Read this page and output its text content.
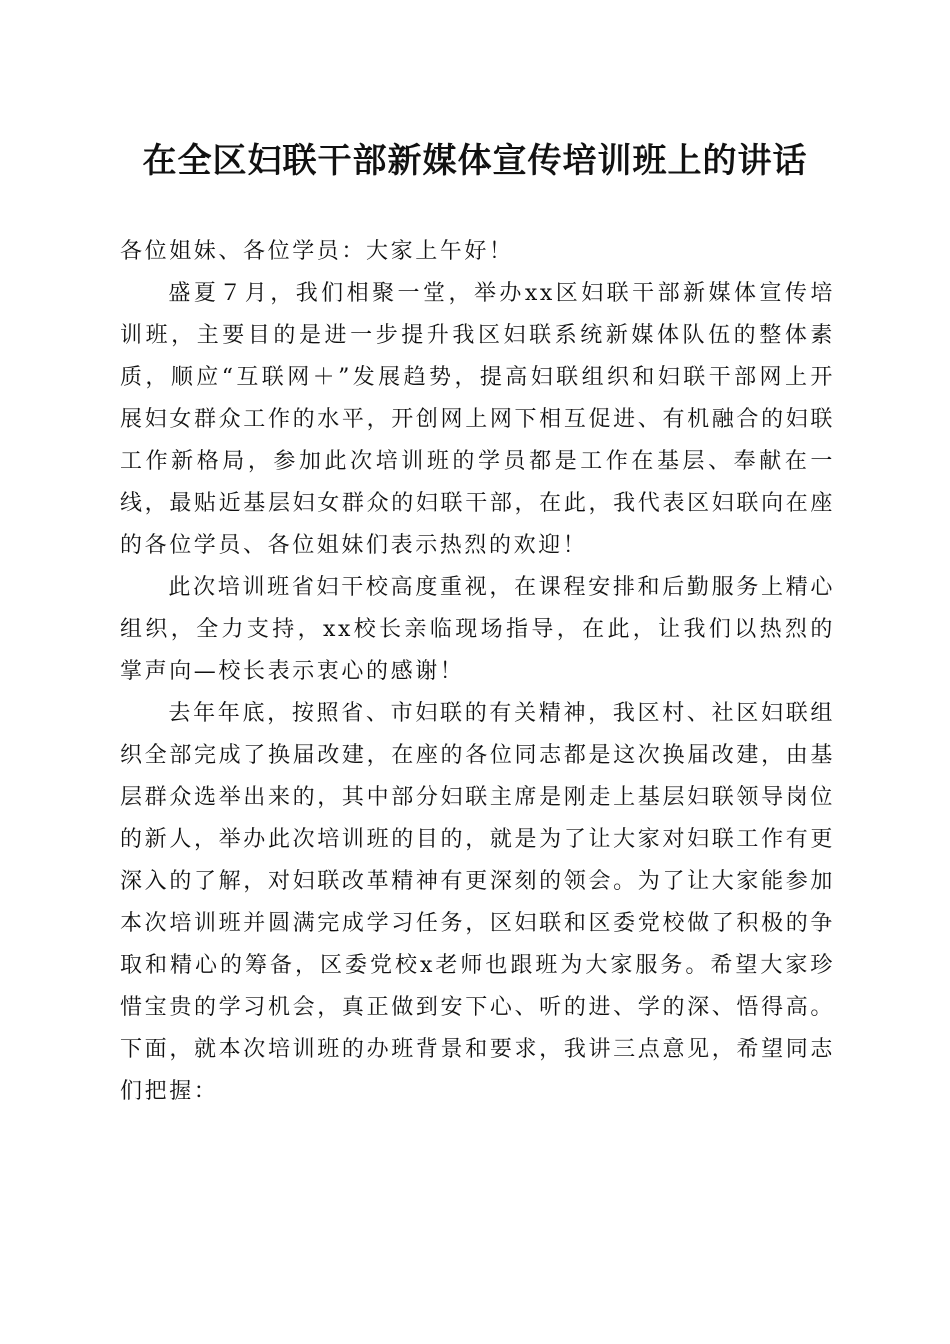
在全区妇联干部新媒体宣传培训班上的讲话

各位姐妹、各位学员：大家上午好！

盛夏７月，我们相聚一堂，举办xx区妇联干部新媒体宣传培训班，主要目的是进一步提升我区妇联系统新媒体队伍的整体素质，顺应“互联网＋”发展趋势，提高妇联组织和妇联干部网上开展妇女群众工作的水平，开创网上网下相互促进、有机融合的妇联工作新格局，参加此次培训班的学员都是工作在基层、奉献在一线，最贴近基层妇女群众的妇联干部，在此，我代表区妇联向在座的各位学员、各位姐妹们表示热烈的欢迎！

此次培训班省妇干校高度重视，在课程安排和后勤服务上精心组织，全力支持，xx校长亲临现场指导，在此，让我们以热烈的掌声向—校长表示衷心的感谢！

去年年底，按照省、市妇联的有关精神，我区村、社区妇联组织全部完成了换届改建，在座的各位同志都是这次换届改建，由基层群众选举出来的，其中部分妇联主席是刚走上基层妇联领导岗位的新人，举办此次培训班的目的，就是为了让大家对妇联工作有更深入的了解，对妇联改革精神有更深刻的领会。为了让大家能参加本次培训班并圆满完成学习任务，区妇联和区委党校做了积极的争取和精心的筹备，区委党校x老师也跟班为大家服务。希望大家珍惜宝贵的学习机会，真正做到安下心、听的进、学的深、悟得高。下面，就本次培训班的办班背景和要求，我讲三点意见，希望同志们把握：
